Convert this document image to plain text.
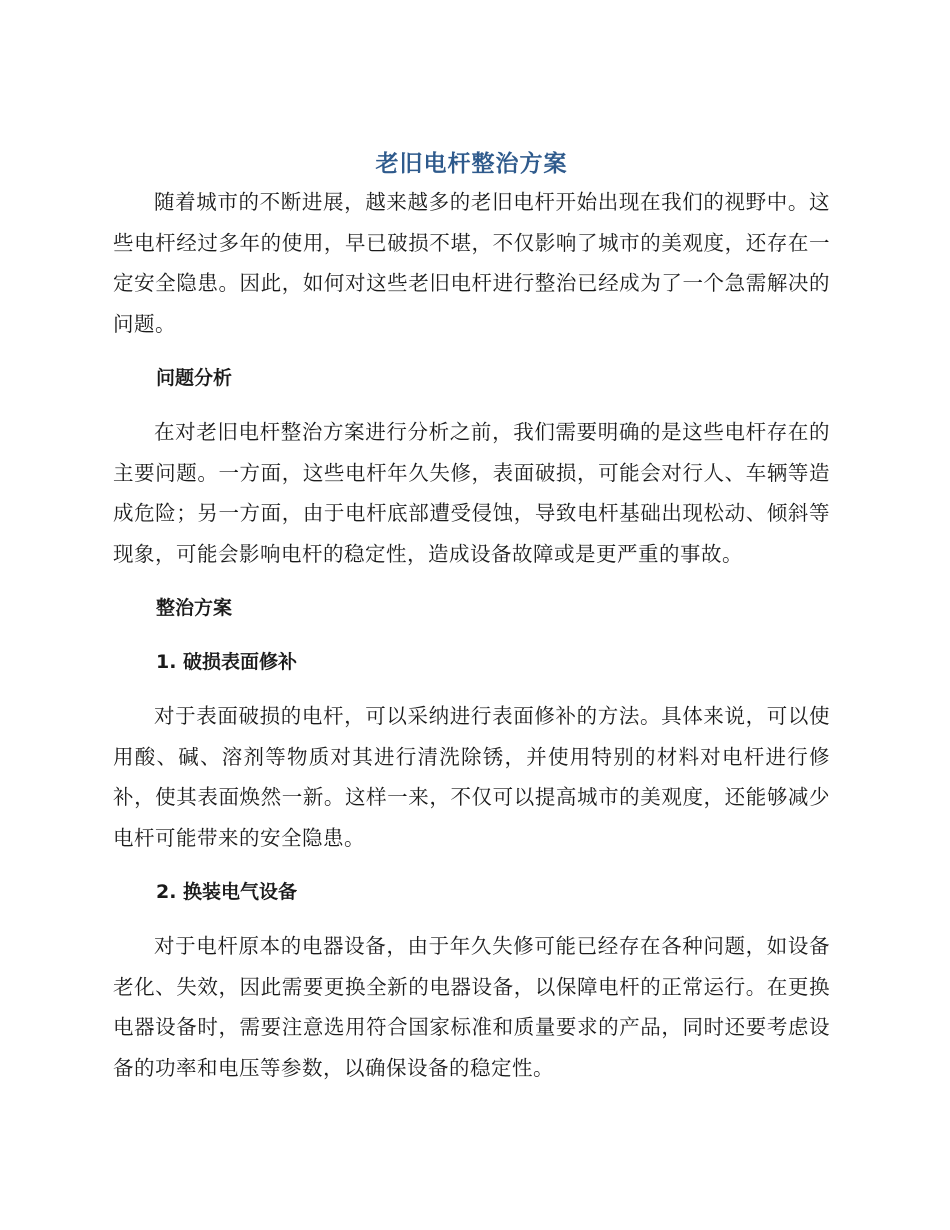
老旧电杆整治方案

随着城市的不断进展，越来越多的老旧电杆开始出现在我们的视野中。这些电杆经过多年的使用，早已破损不堪，不仅影响了城市的美观度，还存在一定安全隐患。因此，如何对这些老旧电杆进行整治已经成为了一个急需解决的问题。

问题分析

在对老旧电杆整治方案进行分析之前，我们需要明确的是这些电杆存在的主要问题。一方面，这些电杆年久失修，表面破损，可能会对行人、车辆等造成危险；另一方面，由于电杆底部遭受侵蚀，导致电杆基础出现松动、倾斜等现象，可能会影响电杆的稳定性，造成设备故障或是更严重的事故。

整治方案
1. 破损表面修补

对于表面破损的电杆，可以采纳进行表面修补的方法。具体来说，可以使用酸、碱、溶剂等物质对其进行清洗除锈，并使用特别的材料对电杆进行修补，使其表面焕然一新。这样一来，不仅可以提高城市的美观度，还能够减少电杆可能带来的安全隐患。

2. 换装电气设备

对于电杆原本的电器设备，由于年久失修可能已经存在各种问题，如设备老化、失效，因此需要更换全新的电器设备，以保障电杆的正常运行。在更换电器设备时，需要注意选用符合国家标准和质量要求的产品，同时还要考虑设备的功率和电压等参数，以确保设备的稳定性。
